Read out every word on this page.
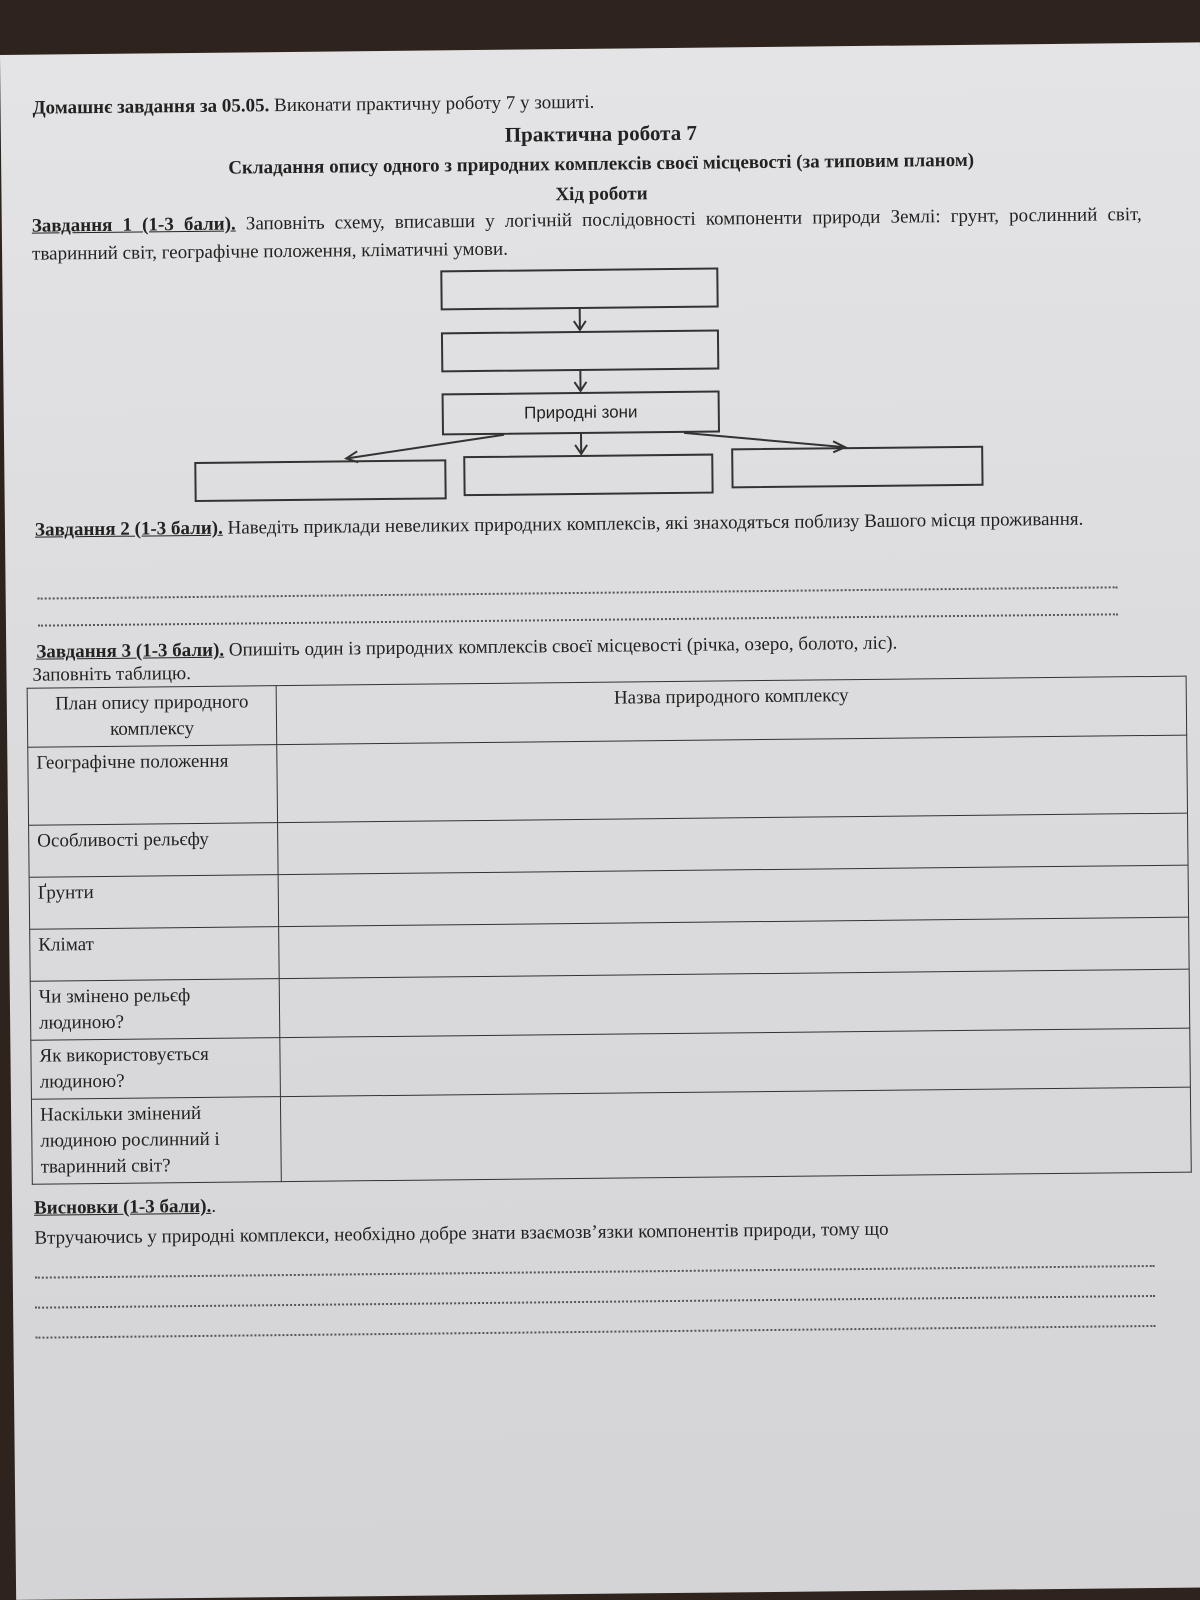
Домашнє завдання за 05.05. Виконати практичну роботу 7 у зошиті.
Практична робота 7
Складання опису одного з природних комплексів своєї місцевості (за типовим планом)
Хід роботи
Завдання 1 (1-3 бали). Заповніть схему, вписавши у логічній послідовності компоненти природи Землі: грунт, рослинний світ, тваринний світ, географічне положення, кліматичні умови.
Природні зони
Завдання 2 (1-3 бали). Наведіть приклади невеликих природних комплексів, які знаходяться поблизу Вашого місця проживання.
Завдання 3 (1-3 бали). Опишіть один із природних комплексів своєї місцевості (річка, озеро, болото, ліс).
Заповніть таблицю.
План опису природного комплексу	Назва природного комплексу
Географічне положення	
Особливості рельєфу	
Ґрунти	
Клімат	
Чи змінено рельєф людиною?	
Як використовується людиною?	
Наскільки змінений людиною рослинний і тваринний світ?	
Висновки (1-3 бали)..
Втручаючись у природні комплекси, необхідно добре знати взаємозв’язки компонентів природи, тому що
